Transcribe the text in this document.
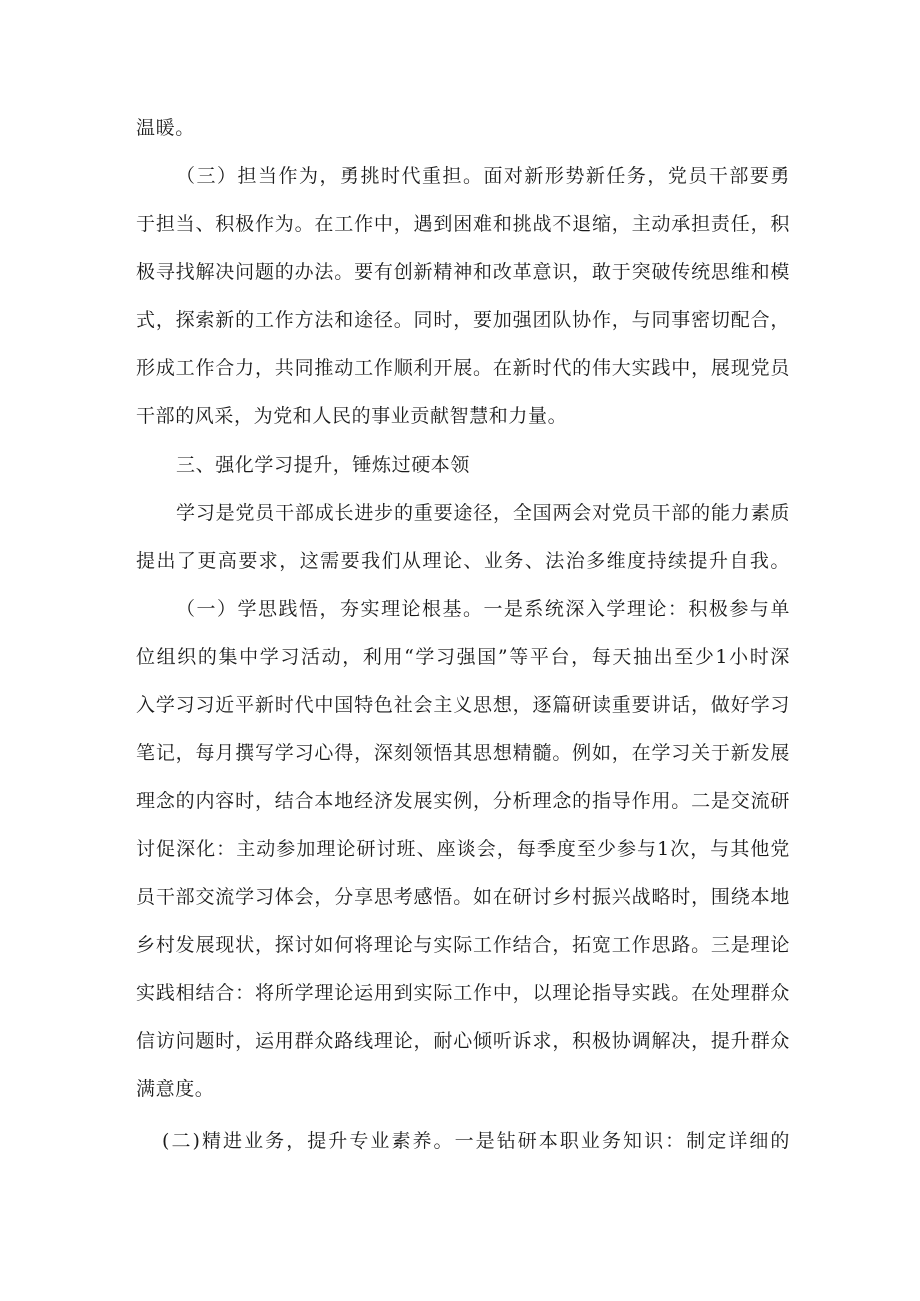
温暖。
（三）担当作为，勇挑时代重担。面对新形势新任务，党员干部要勇
于担当、积极作为。在工作中，遇到困难和挑战不退缩，主动承担责任，积
极寻找解决问题的办法。要有创新精神和改革意识，敢于突破传统思维和模
式，探索新的工作方法和途径。同时，要加强团队协作，与同事密切配合，
形成工作合力，共同推动工作顺利开展。在新时代的伟大实践中，展现党员
干部的风采，为党和人民的事业贡献智慧和力量。
三、强化学习提升，锤炼过硬本领
学习是党员干部成长进步的重要途径，全国两会对党员干部的能力素质
提出了更高要求，这需要我们从理论、业务、法治多维度持续提升自我。
（一）学思践悟，夯实理论根基。一是系统深入学理论：积极参与单
位组织的集中学习活动，利用“学习强国”等平台，每天抽出至少1小时深
入学习习近平新时代中国特色社会主义思想，逐篇研读重要讲话，做好学习
笔记，每月撰写学习心得，深刻领悟其思想精髓。例如，在学习关于新发展
理念的内容时，结合本地经济发展实例，分析理念的指导作用。二是交流研
讨促深化：主动参加理论研讨班、座谈会，每季度至少参与1次，与其他党
员干部交流学习体会，分享思考感悟。如在研讨乡村振兴战略时，围绕本地
乡村发展现状，探讨如何将理论与实际工作结合，拓宽工作思路。三是理论
实践相结合：将所学理论运用到实际工作中，以理论指导实践。在处理群众
信访问题时，运用群众路线理论，耐心倾听诉求，积极协调解决，提升群众
满意度。
(二)精进业务，提升专业素养。一是钻研本职业务知识：制定详细的
